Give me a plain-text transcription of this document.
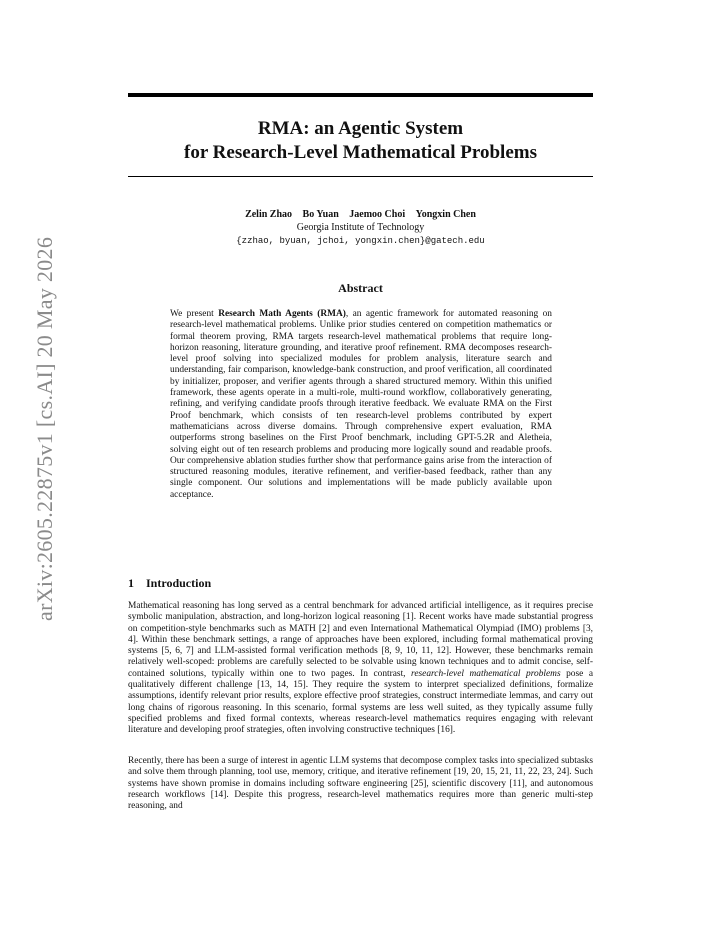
arXiv:2605.22875v1 [cs.AI] 20 May 2026
RMA: an Agentic System
for Research-Level Mathematical Problems
Zelin Zhao Bo Yuan Jaemoo Choi Yongxin Chen
Georgia Institute of Technology
{zzhao, byuan, jchoi, yongxin.chen}@gatech.edu
Abstract
We present Research Math Agents (RMA), an agentic framework for automated reasoning on research-level mathematical problems. Unlike prior studies centered on competition mathematics or formal theorem proving, RMA targets research-level mathematical problems that require long-horizon reasoning, literature grounding, and iterative proof refinement. RMA decomposes research-level proof solving into specialized modules for problem analysis, literature search and understanding, fair comparison, knowledge-bank construction, and proof verification, all coordinated by initializer, proposer, and verifier agents through a shared structured memory. Within this unified framework, these agents operate in a multi-role, multi-round workflow, collaboratively generating, refining, and verifying candidate proofs through iterative feedback. We evaluate RMA on the First Proof benchmark, which consists of ten research-level problems contributed by expert mathematicians across diverse domains. Through comprehensive expert evaluation, RMA outperforms strong baselines on the First Proof benchmark, including GPT-5.2R and Aletheia, solving eight out of ten research problems and producing more logically sound and readable proofs. Our comprehensive ablation studies further show that performance gains arise from the interaction of structured reasoning modules, iterative refinement, and verifier-based feedback, rather than any single component. Our solutions and implementations will be made publicly available upon acceptance.
1 Introduction
Mathematical reasoning has long served as a central benchmark for advanced artificial intelligence, as it requires precise symbolic manipulation, abstraction, and long-horizon logical reasoning [1]. Recent works have made substantial progress on competition-style benchmarks such as MATH [2] and even International Mathematical Olympiad (IMO) problems [3, 4]. Within these benchmark settings, a range of approaches have been explored, including formal mathematical proving systems [5, 6, 7] and LLM-assisted formal verification methods [8, 9, 10, 11, 12]. However, these benchmarks remain relatively well-scoped: problems are carefully selected to be solvable using known techniques and to admit concise, self-contained solutions, typically within one to two pages. In contrast, research-level mathematical problems pose a qualitatively different challenge [13, 14, 15]. They require the system to interpret specialized definitions, formalize assumptions, identify relevant prior results, explore effective proof strategies, construct intermediate lemmas, and carry out long chains of rigorous reasoning. In this scenario, formal systems are less well suited, as they typically assume fully specified problems and fixed formal contexts, whereas research-level mathematics requires engaging with relevant literature and developing proof strategies, often involving constructive techniques [16].
Recently, there has been a surge of interest in agentic LLM systems that decompose complex tasks into specialized subtasks and solve them through planning, tool use, memory, critique, and iterative refinement [19, 20, 15, 21, 11, 22, 23, 24]. Such systems have shown promise in domains including software engineering [25], scientific discovery [11], and autonomous research workflows [14]. Despite this progress, research-level mathematics requires more than generic multi-step reasoning, and
